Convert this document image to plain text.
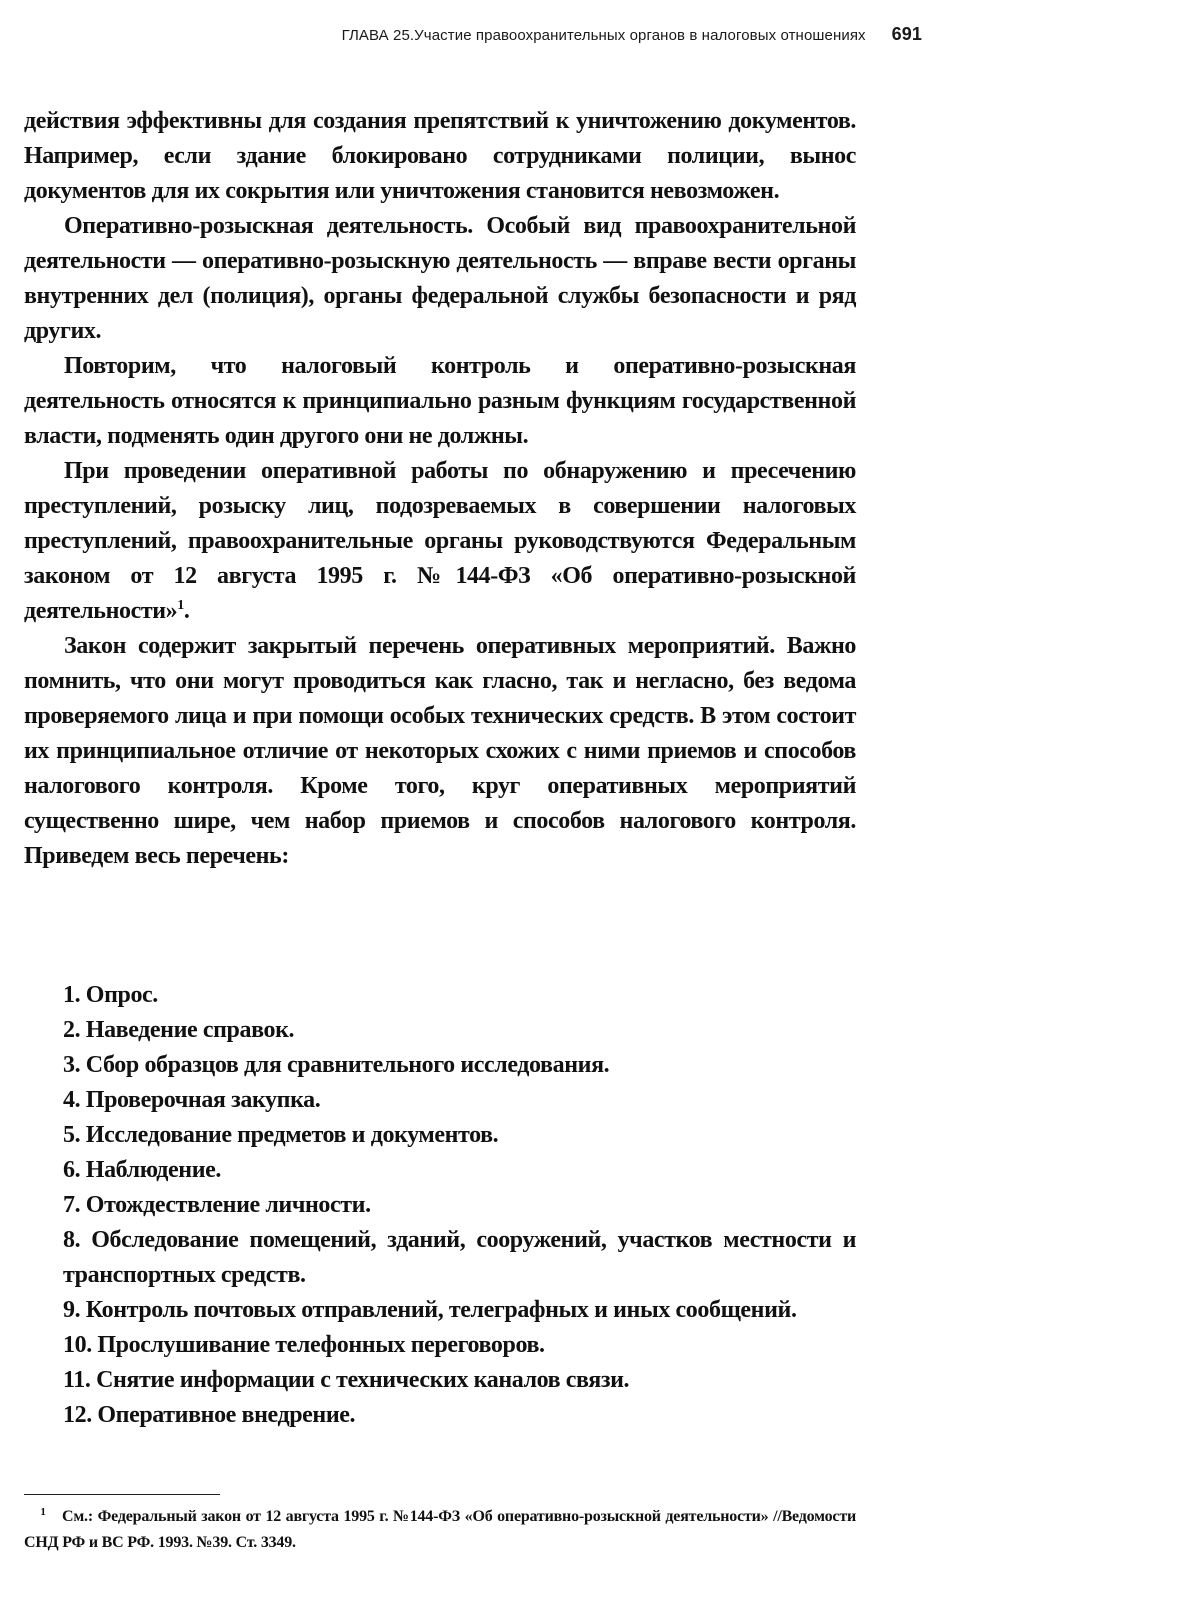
ГЛАВА 25.Участие правоохранительных органов в налоговых отношениях 691

действия эффективны для создания препятствий к уничтожению документов. Например, если здание блокировано сотрудниками полиции, вынос документов для их сокрытия или уничтожения становится невозможен.

Оперативно-розыскная деятельность. Особый вид правоохранительной деятельности — оперативно-розыскную деятельность — вправе вести органы внутренних дел (полиция), органы федеральной службы безопасности и ряд других.

Повторим, что налоговый контроль и оперативно-розыскная деятельность относятся к принципиально разным функциям государственной власти, подменять один другого они не должны.

При проведении оперативной работы по обнаружению и пресечению преступлений, розыску лиц, подозреваемых в совершении налоговых преступлений, правоохранительные органы руководствуются Федеральным законом от 12 августа 1995 г. №144-ФЗ «Об оперативно-розыскной деятельности»$^1$.

Закон содержит закрытый перечень оперативных мероприятий. Важно помнить, что они могут проводиться как гласно, так и негласно, без ведома проверяемого лица и при помощи особых технических средств. В этом состоит их принципиальное отличие от некоторых схожих с ними приемов и способов налогового контроля. Кроме того, круг оперативных мероприятий существенно шире, чем набор приемов и способов налогового контроля. Приведем весь перечень:

1. Опрос.
2. Наведение справок.
3. Сбор образцов для сравнительного исследования.
4. Проверочная закупка.
5. Исследование предметов и документов.
6. Наблюдение.
7. Отождествление личности.
8. Обследование помещений, зданий, сооружений, участков местности и транспортных средств.
9. Контроль почтовых отправлений, телеграфных и иных сообщений.
10. Прослушивание телефонных переговоров.
11. Снятие информации с технических каналов связи.
12. Оперативное внедрение.
1 См.: Федеральный закон от 12 августа 1995 г. №144-ФЗ «Об оперативно-розыскной деятельности» //Ведомости СНД РФ и ВС РФ. 1993. №39. Ст. 3349.
